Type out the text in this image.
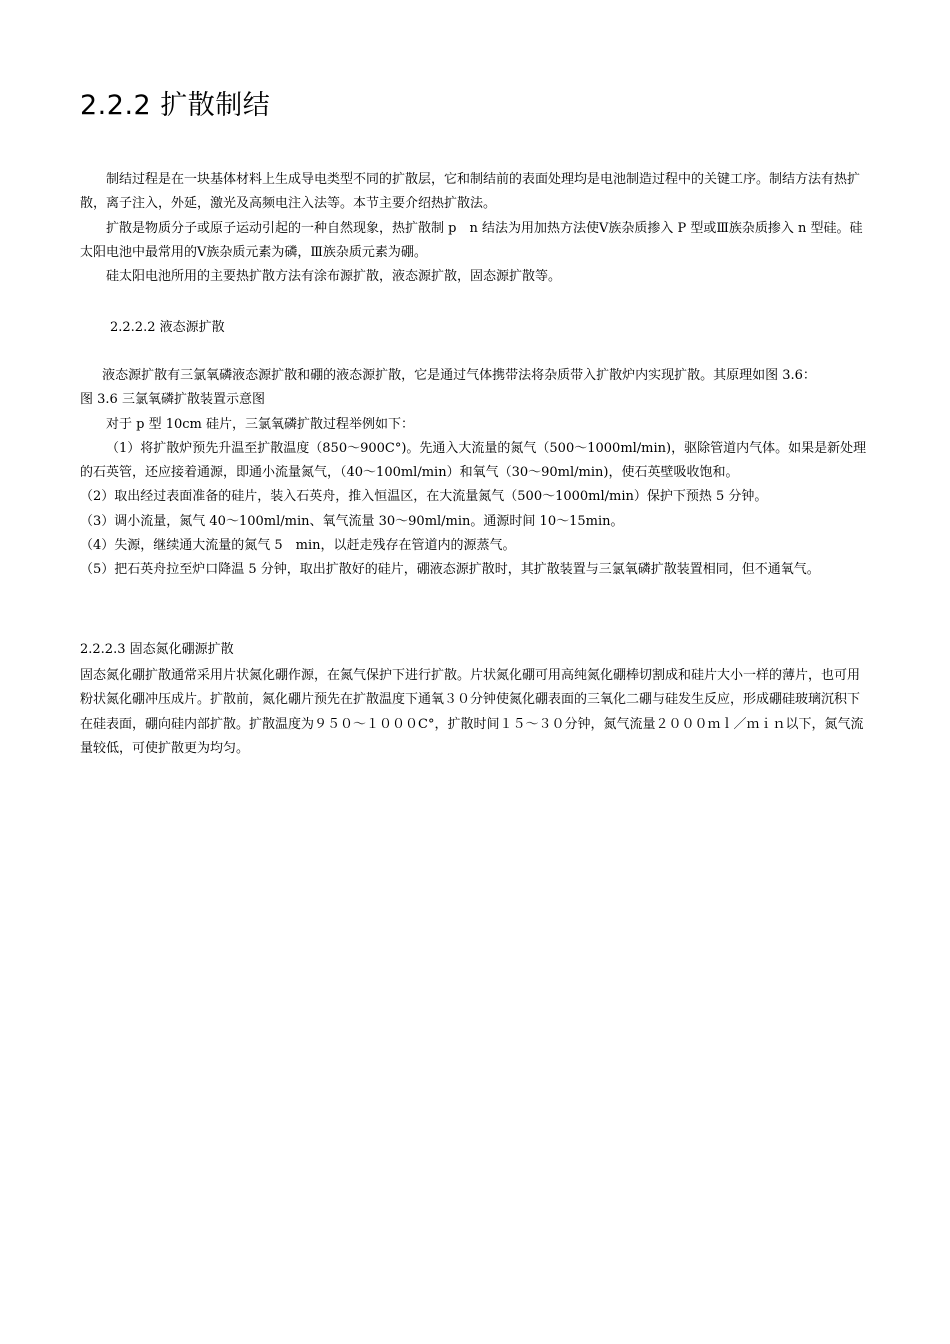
2.2.2 扩散制结

制结过程是在一块基体材料上生成导电类型不同的扩散层，它和制结前的表面处理均是电池制造过程中的关键工序。制结方法有热扩散，离子注入，外延，激光及高频电注入法等。本节主要介绍热扩散法。

扩散是物质分子或原子运动引起的一种自然现象，热扩散制 p　n 结法为用加热方法使Ⅴ族杂质掺入 P 型或Ⅲ族杂质掺入 n 型硅。硅太阳电池中最常用的Ⅴ族杂质元素为磷，Ⅲ族杂质元素为硼。

硅太阳电池所用的主要热扩散方法有涂布源扩散，液态源扩散，固态源扩散等。

2.2.2.2 液态源扩散

液态源扩散有三氯氧磷液态源扩散和硼的液态源扩散，它是通过气体携带法将杂质带入扩散炉内实现扩散。其原理如图 3.6：

图 3.6 三氯氧磷扩散装置示意图

对于 p 型 10cm 硅片，三氯氧磷扩散过程举例如下：

（1）将扩散炉预先升温至扩散温度（850～900C°)。先通入大流量的氮气（500～1000ml/min)，驱除管道内气体。如果是新处理的石英管，还应接着通源，即通小流量氮气，（40～100ml/min）和氧气（30～90ml/min)，使石英壁吸收饱和。

（2）取出经过表面准备的硅片，装入石英舟，推入恒温区，在大流量氮气（500～1000ml/min）保护下预热 5 分钟。

（3）调小流量，氮气 40～100ml/min、氧气流量 30～90ml/min。通源时间 10～15min。

（4）失源，继续通大流量的氮气 5　min，以赶走残存在管道内的源蒸气。

（5）把石英舟拉至炉口降温 5 分钟，取出扩散好的硅片，硼液态源扩散时，其扩散装置与三氯氧磷扩散装置相同，但不通氧气。

2.2.2.3 固态氮化硼源扩散

固态氮化硼扩散通常采用片状氮化硼作源，在氮气保护下进行扩散。片状氮化硼可用高纯氮化硼棒切割成和硅片大小一样的薄片，也可用粉状氮化硼冲压成片。扩散前，氮化硼片预先在扩散温度下通氧３０分钟使氮化硼表面的三氧化二硼与硅发生反应，形成硼硅玻璃沉积下在硅表面，硼向硅内部扩散。扩散温度为９５０～１０００C°，扩散时间１５～３０分钟，氮气流量２０００ｍｌ／ｍｉｎ以下，氮气流量较低，可使扩散更为均匀。
